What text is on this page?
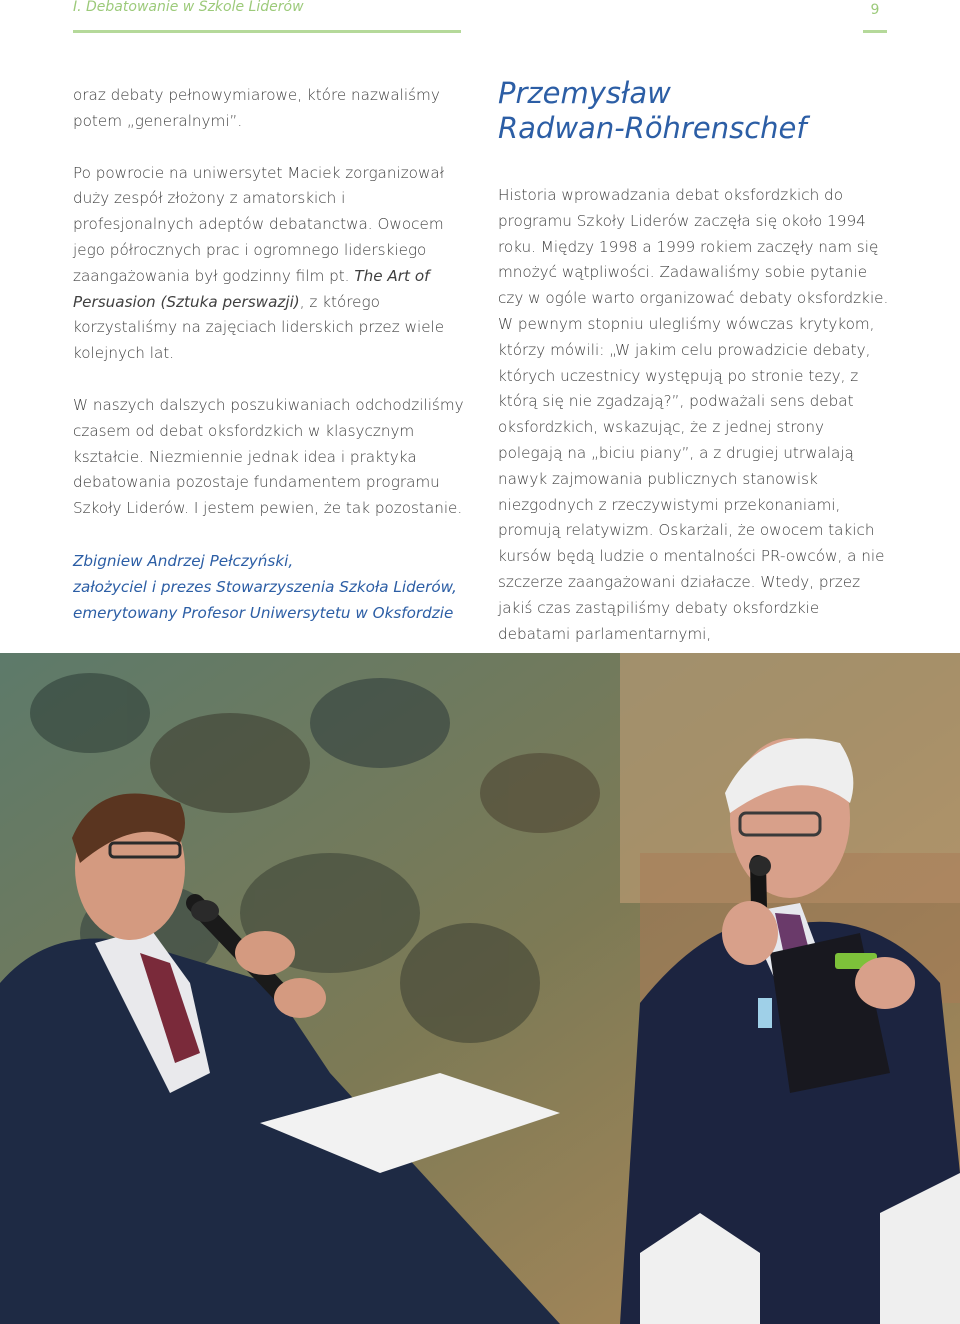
I. Debatowanie w Szkole Liderów	9

oraz debaty pełnowymiarowe, które nazwaliśmy potem „generalnymi”.

Po powrocie na uniwersytet Maciek zorganizował duży zespół złożony z amatorskich i profesjonalnych adeptów debatanctwa. Owocem jego półrocznych prac i ogromnego liderskiego zaangażowania był godzinny film pt. The Art of Persuasion (Sztuka perswazji), z którego korzystaliśmy na zajęciach liderskich przez wiele kolejnych lat.

W naszych dalszych poszukiwaniach odchodziliśmy czasem od debat oksfordzkich w klasycznym kształcie. Niezmiennie jednak idea i praktyka debatowania pozostaje fundamentem programu Szkoły Liderów. I jestem pewien, że tak pozostanie.

Zbigniew Andrzej Pełczyński,
założyciel i prezes Stowarzyszenia Szkoła Liderów,
emerytowany Profesor Uniwersytetu w Oksfordzie
Przemysław
Radwan-Röhrenschef

Historia wprowadzania debat oksfordzkich do programu Szkoły Liderów zaczęła się około 1994 roku. Między 1998 a 1999 rokiem zaczęły nam się mnożyć wątpliwości. Zadawaliśmy sobie pytanie czy w ogóle warto organizować debaty oksfordzkie. W pewnym stopniu ulegliśmy wówczas krytykom, którzy mówili: „W jakim celu prowadzicie debaty, których uczestnicy występują po stronie tezy, z którą się nie zgadzają?”, podważali sens debat oksfordzkich, wskazując, że z jednej strony polegają na „biciu piany”, a z drugiej utrwalają nawyk zajmowania publicznych stanowisk niezgodnych z rzeczywistymi przekonaniami, promują relatywizm. Oskarżali, że owocem takich kursów będą ludzie o mentalności PR-owców, a nie szczerze zaangażowani działacze. Wtedy, przez jakiś czas zastąpiliśmy debaty oksfordzkie debatami parlamentarnymi,
